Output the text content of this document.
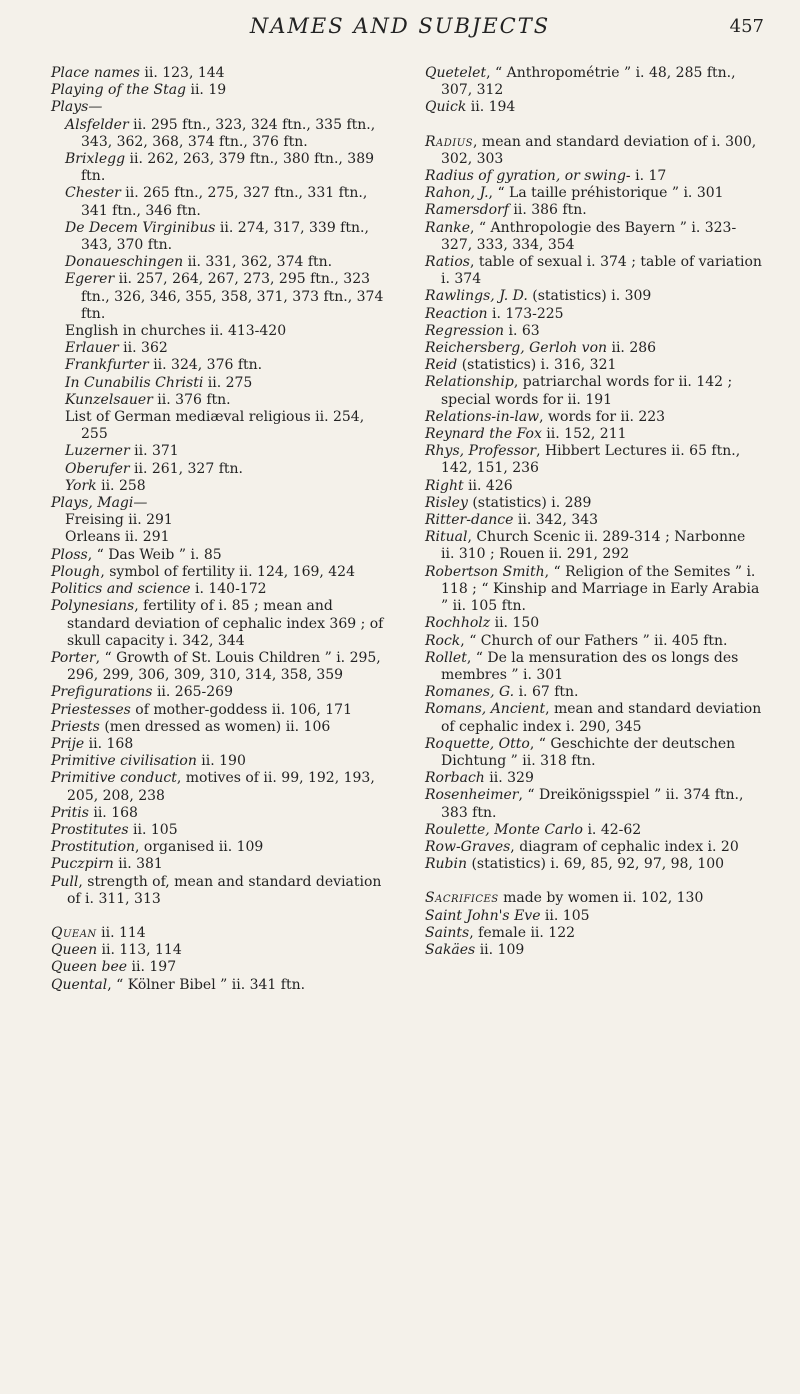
NAMES AND SUBJECTS	457
Place names ii. 123, 144
Playing of the Stag ii. 19
Plays—
Alsfelder ii. 295 ftn., 323, 324 ftn., 335 ftn., 343, 362, 368, 374 ftn., 376 ftn.
Brixlegg ii. 262, 263, 379 ftn., 380 ftn., 389 ftn.
Chester ii. 265 ftn., 275, 327 ftn., 331 ftn., 341 ftn., 346 ftn.
De Decem Virginibus ii. 274, 317, 339 ftn., 343, 370 ftn.
Donaueschingen ii. 331, 362, 374 ftn.
Egerer ii. 257, 264, 267, 273, 295 ftn., 323 ftn., 326, 346, 355, 358, 371, 373 ftn., 374 ftn.
English in churches ii. 413-420
Erlauer ii. 362
Frankfurter ii. 324, 376 ftn.
In Cunabilis Christi ii. 275
Kunzelsauer ii. 376 ftn.
List of German mediæval religious ii. 254, 255
Luzerner ii. 371
Oberufer ii. 261, 327 ftn.
York ii. 258
Plays, Magi—
Freising ii. 291
Orleans ii. 291
Ploss, “ Das Weib ” i. 85
Plough, symbol of fertility ii. 124, 169, 424
Politics and science i. 140-172
Polynesians, fertility of i. 85 ; mean and standard deviation of cephalic index 369 ; of skull capacity i. 342, 344
Porter, “ Growth of St. Louis Children ” i. 295, 296, 299, 306, 309, 310, 314, 358, 359
Prefigurations ii. 265-269
Priestesses of mother-goddess ii. 106, 171
Priests (men dressed as women) ii. 106
Prije ii. 168
Primitive civilisation ii. 190
Primitive conduct, motives of ii. 99, 192, 193, 205, 208, 238
Pritis ii. 168
Prostitutes ii. 105
Prostitution, organised ii. 109
Puczpirn ii. 381
Pull, strength of, mean and standard deviation of i. 311, 313
Quean ii. 114
Queen ii. 113, 114
Queen bee ii. 197
Quental, “ Kölner Bibel ” ii. 341 ftn.
Quetelet, “ Anthropométrie ” i. 48, 285 ftn., 307, 312
Quick ii. 194
Radius, mean and standard deviation of i. 300, 302, 303
Radius of gyration, or swing- i. 17
Rahon, J., “ La taille préhistorique ” i. 301
Ramersdorf ii. 386 ftn.
Ranke, “ Anthropologie des Bayern ” i. 323-327, 333, 334, 354
Ratios, table of sexual i. 374 ; table of variation i. 374
Rawlings, J. D. (statistics) i. 309
Reaction i. 173-225
Regression i. 63
Reichersberg, Gerloh von ii. 286
Reid (statistics) i. 316, 321
Relationship, patriarchal words for ii. 142 ; special words for ii. 191
Relations-in-law, words for ii. 223
Reynard the Fox ii. 152, 211
Rhys, Professor, Hibbert Lectures ii. 65 ftn., 142, 151, 236
Right ii. 426
Risley (statistics) i. 289
Ritter-dance ii. 342, 343
Ritual, Church Scenic ii. 289-314 ; Narbonne ii. 310 ; Rouen ii. 291, 292
Robertson Smith, “ Religion of the Semites ” i. 118 ; “ Kinship and Marriage in Early Arabia ” ii. 105 ftn.
Rochholz ii. 150
Rock, “ Church of our Fathers ” ii. 405 ftn.
Rollet, “ De la mensuration des os longs des membres ” i. 301
Romanes, G. i. 67 ftn.
Romans, Ancient, mean and standard deviation of cephalic index i. 290, 345
Roquette, Otto, “ Geschichte der deutschen Dichtung ” ii. 318 ftn.
Rorbach ii. 329
Rosenheimer, “ Dreikönigsspiel ” ii. 374 ftn., 383 ftn.
Roulette, Monte Carlo i. 42-62
Row-Graves, diagram of cephalic index i. 20
Rubin (statistics) i. 69, 85, 92, 97, 98, 100
Sacrifices made by women ii. 102, 130
Saint John's Eve ii. 105
Saints, female ii. 122
Sakäes ii. 109
